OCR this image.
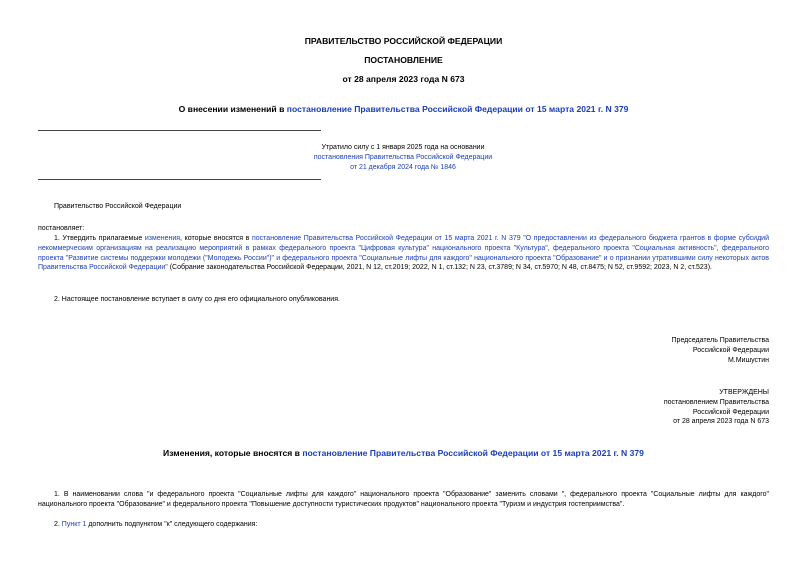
ПРАВИТЕЛЬСТВО РОССИЙСКОЙ ФЕДЕРАЦИИ
ПОСТАНОВЛЕНИЕ
от 28 апреля 2023 года N 673
О внесении изменений в постановление Правительства Российской Федерации от 15 марта 2021 г. N 379
Утратило силу с 1 января 2025 года на основании
постановления Правительства Российской Федерации
от 21 декабря 2024 года № 1846
Правительство Российской Федерации
постановляет:
1. Утвердить прилагаемые изменения, которые вносятся в постановление Правительства Российской Федерации от 15 марта 2021 г. N 379 "О предоставлении из федерального бюджета грантов в форме субсидий некоммерческим организациям на реализацию мероприятий в рамках федерального проекта "Цифровая культура" национального проекта "Культура", федерального проекта "Социальная активность", федерального проекта "Развитие системы поддержки молодежи ("Молодежь России")" и федерального проекта "Социальные лифты для каждого" национального проекта "Образование" и о признании утратившими силу некоторых актов Правительства Российской Федерации" (Собрание законодательства Российской Федерации, 2021, N 12, ст.2019; 2022, N 1, ст.132; N 23, ст.3789; N 34, ст.5970; N 48, ст.8475; N 52, ст.9592; 2023, N 2, ст.523).
2. Настоящее постановление вступает в силу со дня его официального опубликования.
Председатель Правительства
Российской Федерации
М.Мишустин
УТВЕРЖДЕНЫ
постановлением Правительства
Российской Федерации
от 28 апреля 2023 года N 673
Изменения, которые вносятся в постановление Правительства Российской Федерации от 15 марта 2021 г. N 379
1. В наименовании слова "и федерального проекта "Социальные лифты для каждого" национального проекта "Образование" заменить словами ", федерального проекта "Социальные лифты для каждого" национального проекта "Образование" и федерального проекта "Повышение доступности туристических продуктов" национального проекта "Туризм и индустрия гостеприимства".
2. Пункт 1 дополнить подпунктом "к" следующего содержания:
